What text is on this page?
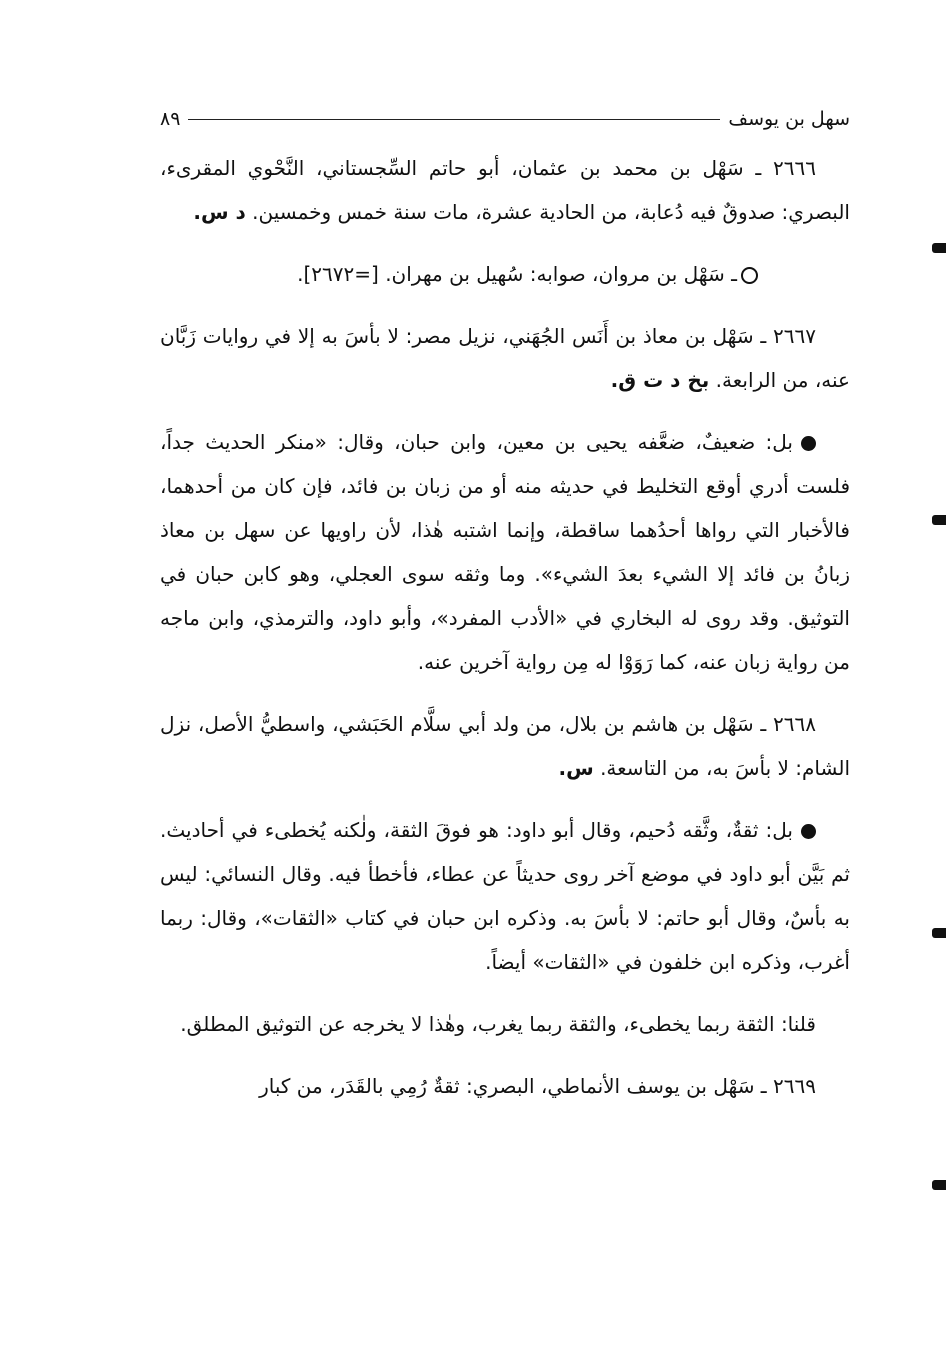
سهل بن يوسف
٨٩

٢٦٦٦ ـ سَهْل بن محمد بن عثمان، أبو حاتم السِّجستاني، النَّحْوي المقرىء، البصري: صدوقٌ فيه دُعابة، من الحادية عشرة، مات سنة خمس وخمسين. د س.

ـ سَهْل بن مروان، صوابه: سُهيل بن مهران. [=٢٦٧٢].

٢٦٦٧ ـ سَهْل بن معاذ بن أَنَس الجُهَني، نزيل مصر: لا بأسَ به إلا في روايات زَبَّان عنه، من الرابعة. بخ د ت ق.

بل: ضعيفٌ، ضعَّفه يحيى بن معين، وابن حبان، وقال: «منكر الحديث جداً، فلست أدري أوقع التخليط في حديثه منه أو من زبان بن فائد، فإن كان من أحدهما، فالأخبار التي رواها أحدُهما ساقطة، وإنما اشتبه هٰذا، لأن راويها عن سهل بن معاذ زبانُ بن فائد إلا الشيء بعدَ الشيء». وما وثقه سوى العجلي، وهو كابن حبان في التوثيق. وقد روى له البخاري في «الأدب المفرد»، وأبو داود، والترمذي، وابن ماجه من رواية زبان عنه، كما رَوَوْا له مِن رواية آخرين عنه.

٢٦٦٨ ـ سَهْل بن هاشم بن بلال، من ولد أبي سلَّام الحَبَشي، واسطيُّ الأصل، نزل الشام: لا بأسَ به، من التاسعة. س.

بل: ثقةٌ، وثَّقه دُحيم، وقال أبو داود: هو فوقَ الثقة، ولٰكنه يُخطىء في أحاديث. ثم بَيَّن أبو داود في موضع آخر روى حديثاً عن عطاء، فأخطأ فيه. وقال النسائي: ليس به بأسٌ، وقال أبو حاتم: لا بأسَ به. وذكره ابن حبان في كتاب «الثقات»، وقال: ربما أغرب، وذكره ابن خلفون في «الثقات» أيضاً.

قلنا: الثقة ربما يخطىء، والثقة ربما يغرب، وهٰذا لا يخرجه عن التوثيق المطلق.

٢٦٦٩ ـ سَهْل بن يوسف الأنماطي، البصري: ثقةٌ رُمِي بالقَدَر، من كبار
